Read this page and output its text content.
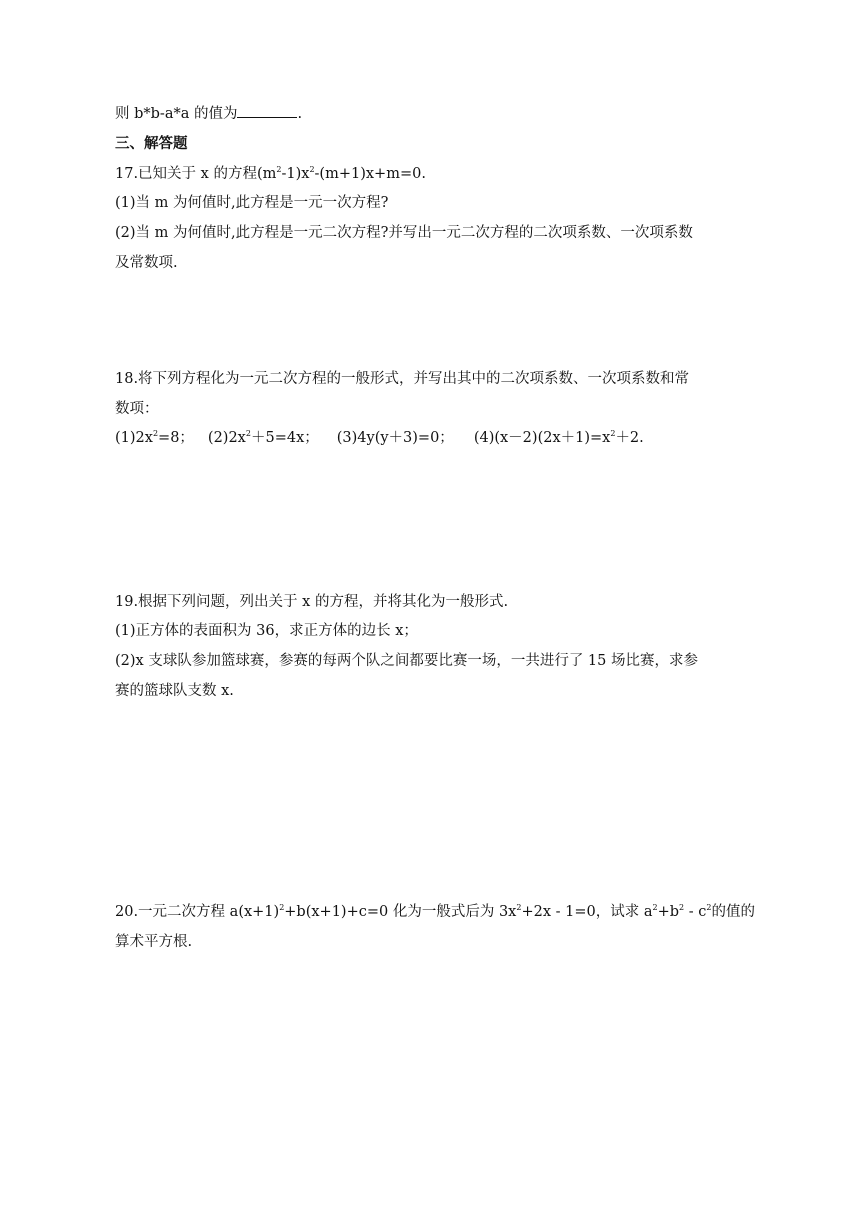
则 b*b-a*a 的值为	.
三、解答题
17.已知关于 x 的方程$(m^2-1)x^2-(m+1)x+m=0$.
(1)当 m 为何值时,此方程是一元一次方程?
(2)当 m 为何值时,此方程是一元二次方程?并写出一元二次方程的二次项系数、一次项系数
及常数项.
18.将下列方程化为一元二次方程的一般形式，并写出其中的二次项系数、一次项系数和常
数项：
$(1)2x^2=8$； $(2)2x^2+5=4x$； (3)4y(y＋3)=0； $(4)(x-2)(2x+1)=x^2+2$.
19.根据下列问题，列出关于 x 的方程，并将其化为一般形式.
(1)正方体的表面积为 36，求正方体的边长 x；
(2)x 支球队参加篮球赛，参赛的每两个队之间都要比赛一场，一共进行了 15 场比赛，求参
赛的篮球队支数 x.
20.一元二次方程 $a(x+1)^2+b(x+1)+c=0$ 化为一般式后为 $3x^2+2x - 1=0$，试求 $a^2+b^2 - c^2$的值的
算术平方根.
